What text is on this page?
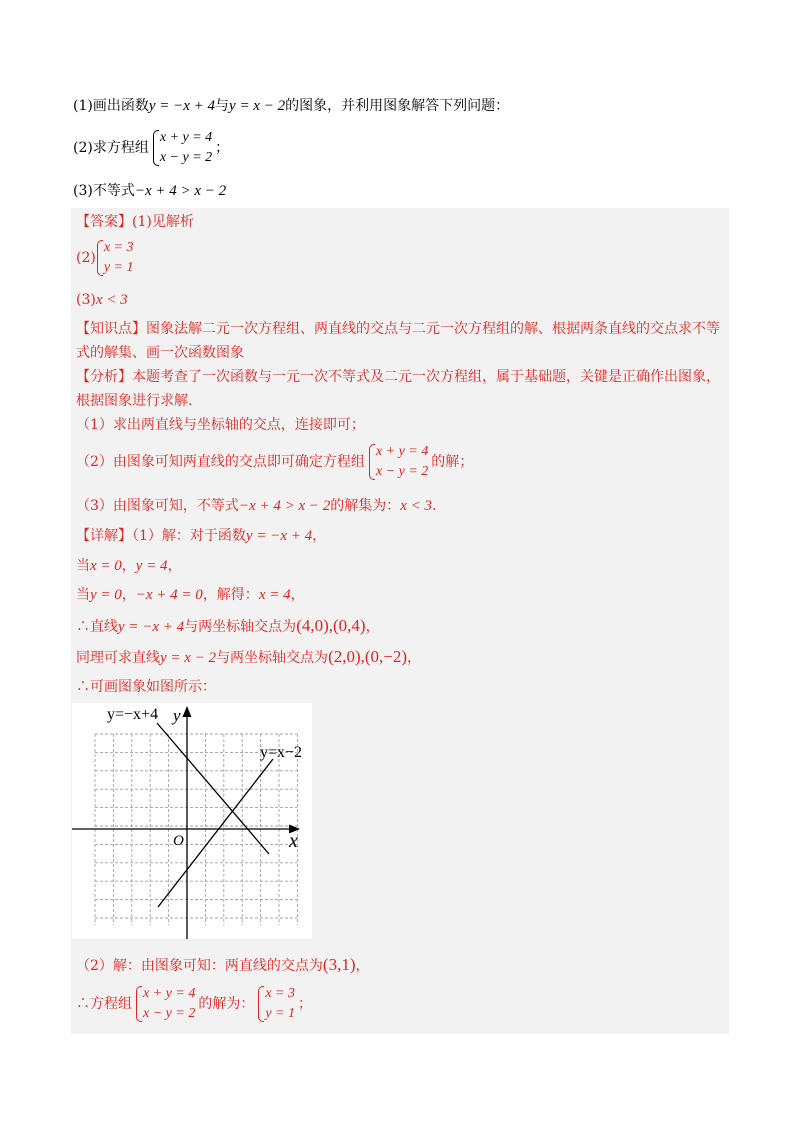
(1)画出函数y = −x + 4与y = x − 2的图象，并利用图象解答下列问题：
(2)求方程组
x + y = 4
x − y = 2
；
(3)不等式−x + 4 > x − 2
【答案】(1)见解析
(2)
x = 3
y = 1
(3)x < 3
【知识点】图象法解二元一次方程组、两直线的交点与二元一次方程组的解、根据两条直线的交点求不等
式的解集、画一次函数图象
【分析】本题考查了一次函数与一元一次不等式及二元一次方程组，属于基础题，关键是正确作出图象，
根据图象进行求解.
（1）求出两直线与坐标轴的交点，连接即可；
（2）由图象可知两直线的交点即可确定方程组
x + y = 4
x − y = 2
的解；
（3）由图象可知，不等式−x + 4 > x − 2的解集为：x < 3.
【详解】（1）解：对于函数y = −x + 4，
当x = 0，y = 4，
当y = 0，−x + 4 = 0，解得：x = 4，
∴直线y = −x + 4与两坐标轴交点为(4,0),(0,4)，
同理可求直线y = x − 2与两坐标轴交点为(2,0),(0,−2)，
∴可画图象如图所示：
y=−x+4 y
y=x−2
x
O
（2）解：由图象可知：两直线的交点为(3,1)，
∴方程组
x + y = 4
x − y = 2
的解为：
x = 3
y = 1
；
